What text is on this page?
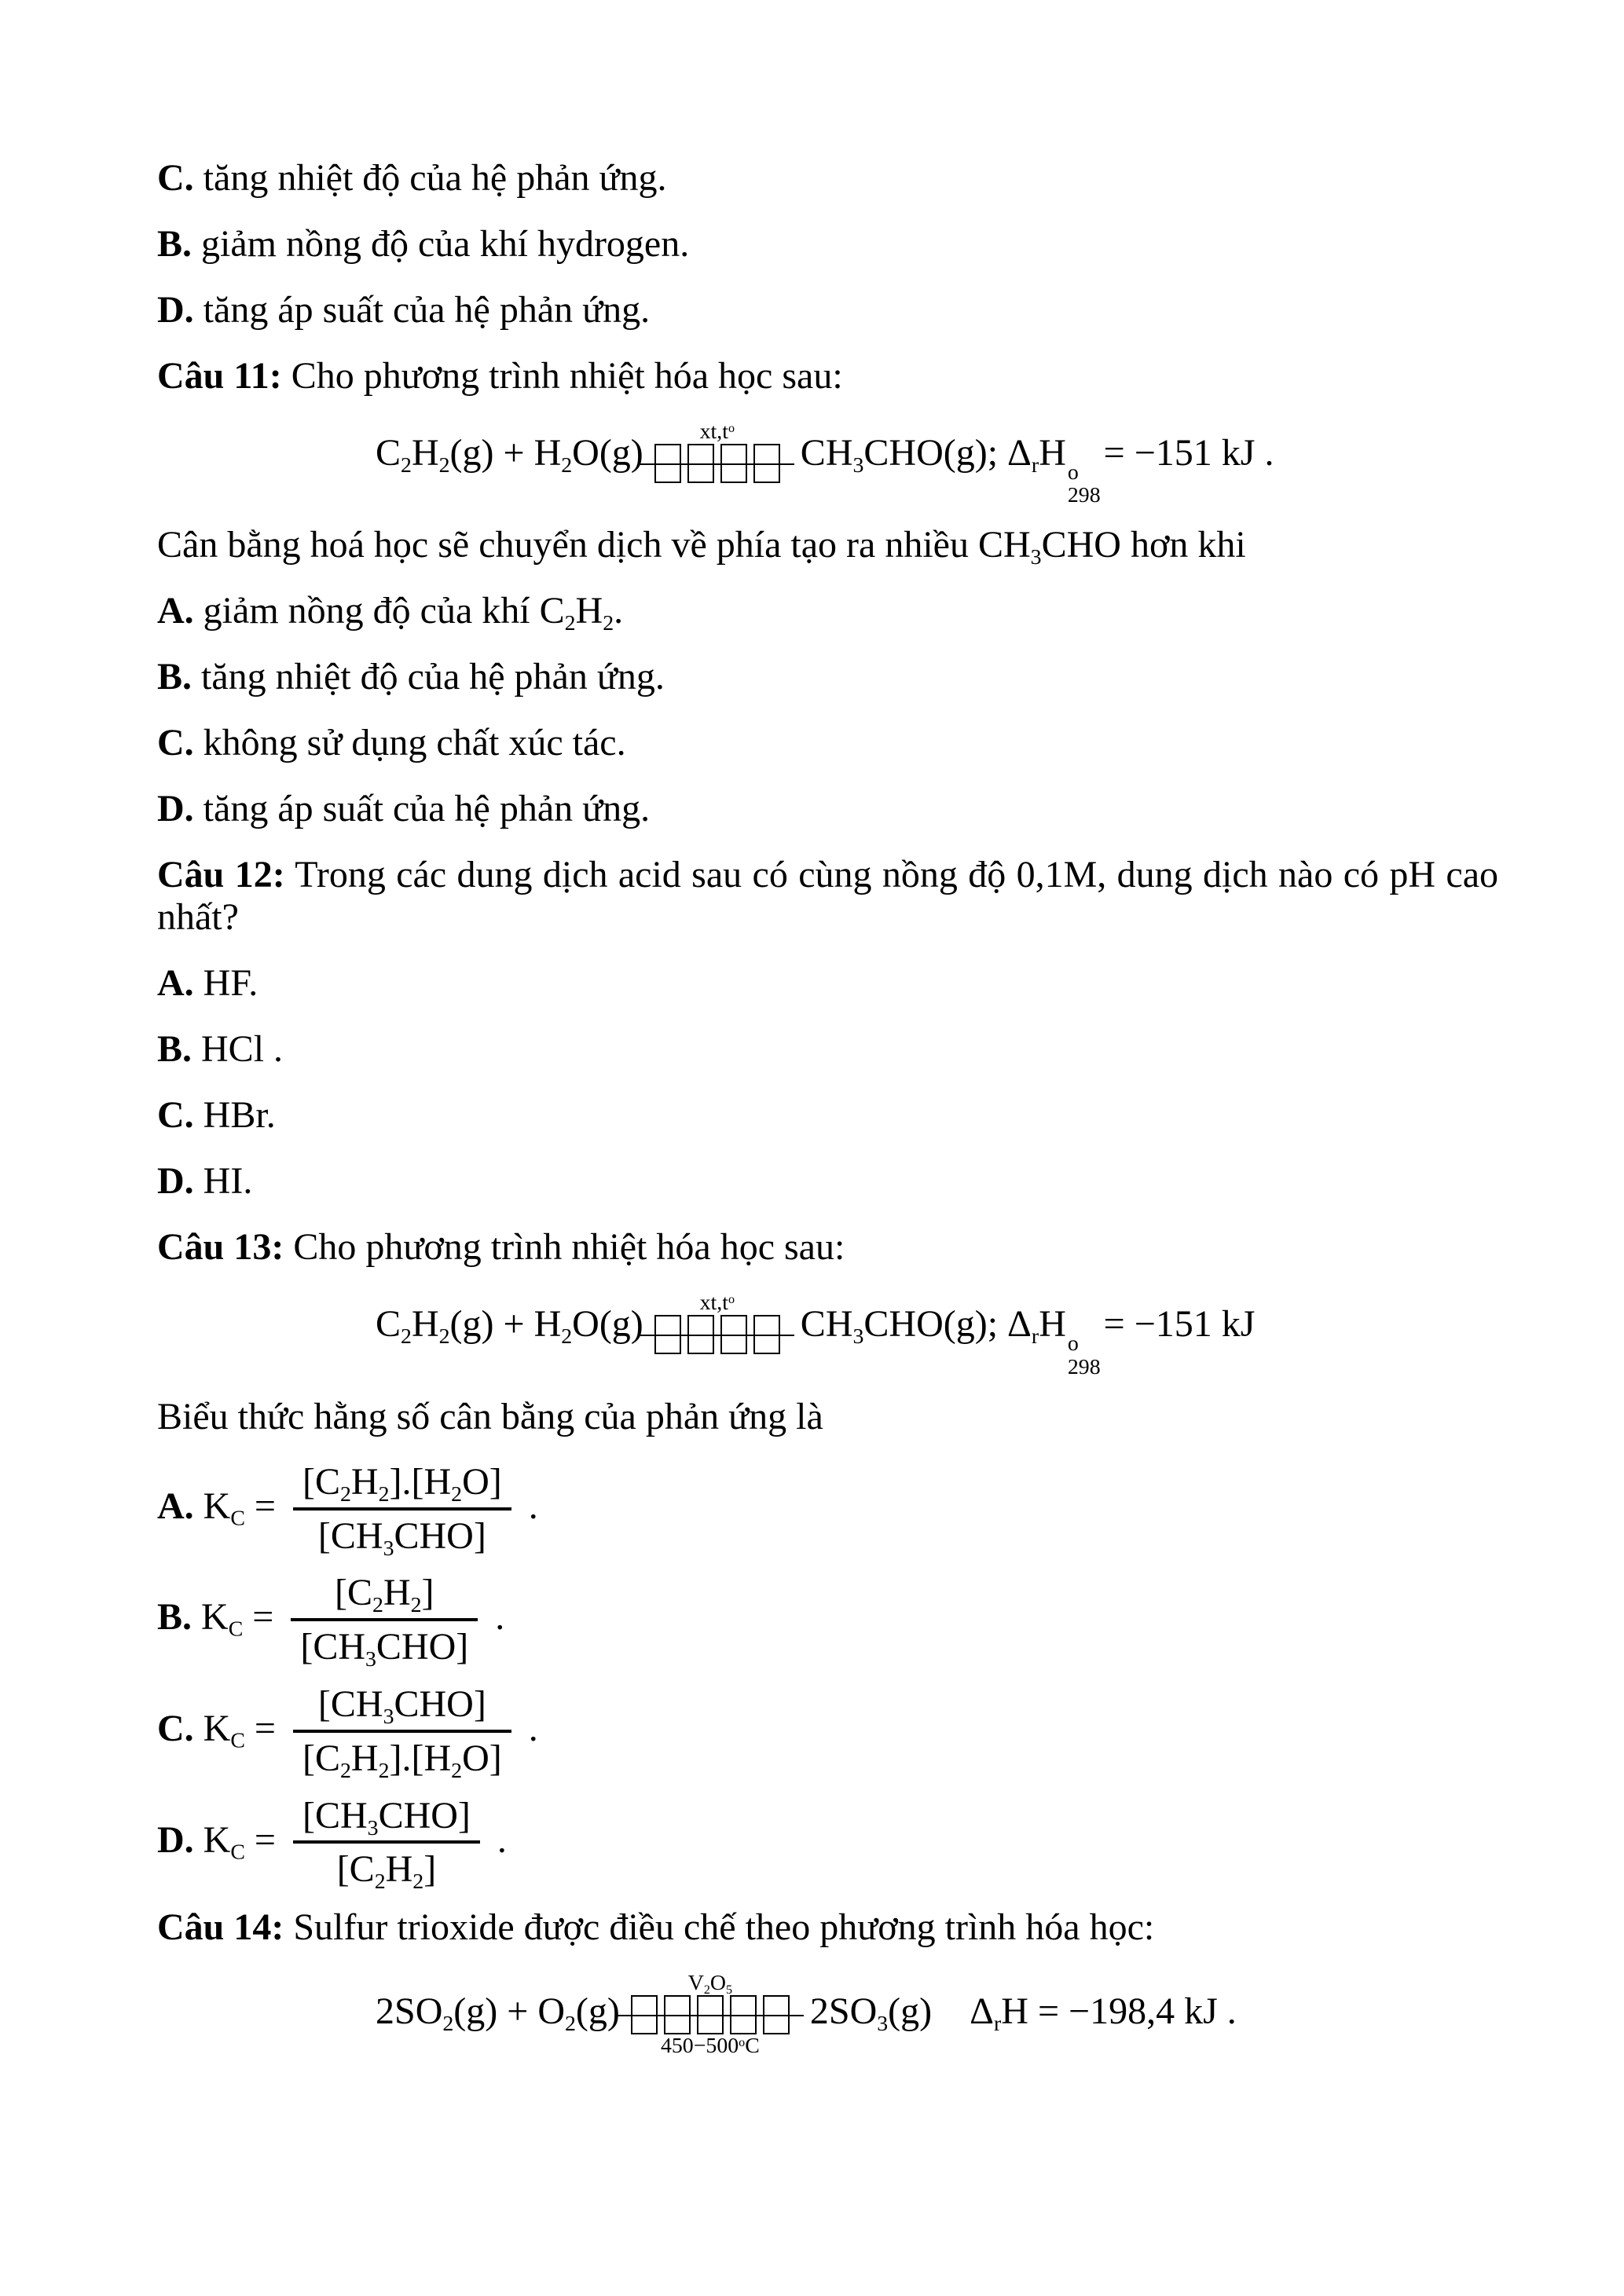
C. tăng nhiệt độ của hệ phản ứng.

B. giảm nồng độ của khí hydrogen.

D. tăng áp suất của hệ phản ứng.

Câu 11: Cho phương trình nhiệt hóa học sau:

$C_2H_2(g) + H_2O(g)$
$xt,t^o$
$CH_3CHO(g)$; $\Delta_rH$ o
298
= −151 kJ .

Cân bằng hoá học sẽ chuyển dịch về phía tạo ra nhiều $CH_3CHO$ hơn khi

A. giảm nồng độ của khí $C_2H_2$.

B. tăng nhiệt độ của hệ phản ứng.

C. không sử dụng chất xúc tác.

D. tăng áp suất của hệ phản ứng.

Câu 12: Trong các dung dịch acid sau có cùng nồng độ 0,1M, dung dịch nào có pH cao nhất?

A. HF.

B. HCl .

C. HBr.

D. HI.

Câu 13: Cho phương trình nhiệt hóa học sau:

$C_2H_2(g) + H_2O(g)$
$xt,t^o$
$CH_3CHO(g)$; $\Delta_rH$ o
298
= −151 kJ

Biểu thức hằng số cân bằng của phản ứng là

A. $K_C = \frac{[C_2H_2].[H_2O]}{[CH_3CHO]}$ .

B. $K_C = \frac{[C_2H_2]}{[CH_3CHO]}$ .

C. $K_C = \frac{[CH_3CHO]}{[C_2H_2].[H_2O]}$ .

D. $K_C = \frac{[CH_3CHO]}{[C_2H_2]}$ .

Câu 14: Sulfur trioxide được điều chế theo phương trình hóa học:

$2SO_2(g) + O_2(g)$
$V_2O_5$
$450-500^oC$
$2SO_3(g)$    $\Delta_rH = -198,4$ kJ .
